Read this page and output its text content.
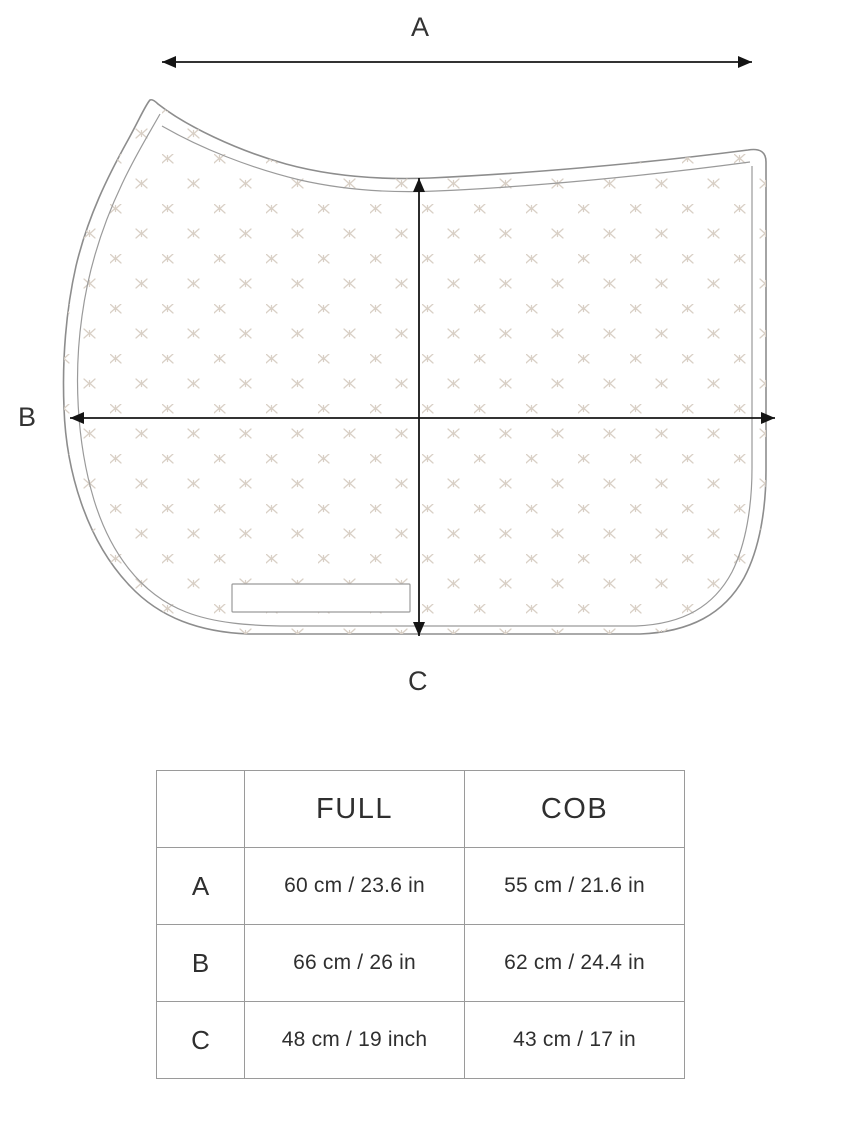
A
B
C
	FULL	COB
A	60 cm / 23.6 in	55 cm / 21.6 in
B	66 cm / 26 in	62 cm / 24.4 in
C	48 cm / 19 inch	43 cm / 17 in
